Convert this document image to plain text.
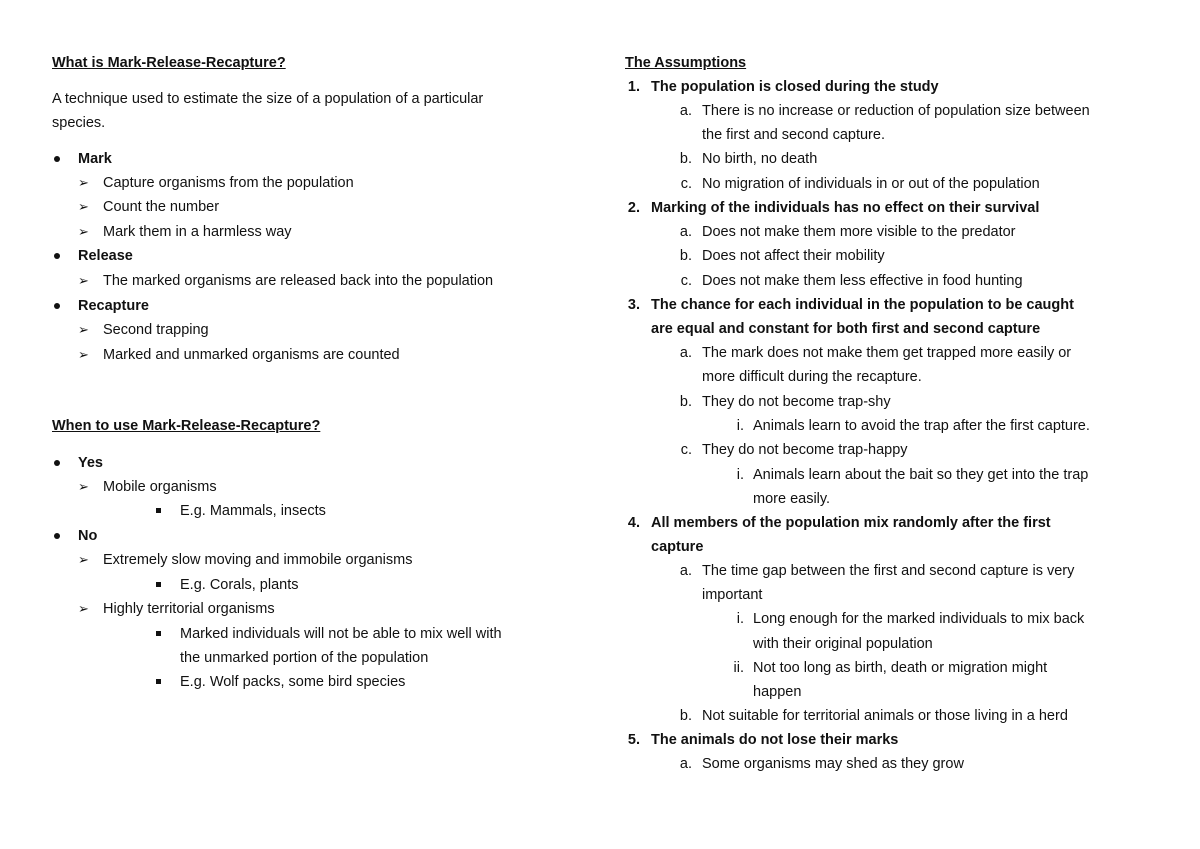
What is Mark-Release-Recapture?
A technique used to estimate the size of a population of a particular
species.
Mark
➢ Capture organisms from the population
➢ Count the number
➢ Mark them in a harmless way
Release
➢ The marked organisms are released back into the population
Recapture
➢ Second trapping
➢ Marked and unmarked organisms are counted
When to use Mark-Release-Recapture?
Yes
➢ Mobile organisms
E.g. Mammals, insects
No
➢ Extremely slow moving and immobile organisms
E.g. Corals, plants
➢ Highly territorial organisms
Marked individuals will not be able to mix well with
the unmarked portion of the population
E.g. Wolf packs, some bird species
The Assumptions
1. The population is closed during the study
a. There is no increase or reduction of population size between
the first and second capture.
b. No birth, no death
c. No migration of individuals in or out of the population
2. Marking of the individuals has no effect on their survival
a. Does not make them more visible to the predator
b. Does not affect their mobility
c. Does not make them less effective in food hunting
3. The chance for each individual in the population to be caught
are equal and constant for both first and second capture
a. The mark does not make them get trapped more easily or
more difficult during the recapture.
b. They do not become trap-shy
i. Animals learn to avoid the trap after the first capture.
c. They do not become trap-happy
i. Animals learn about the bait so they get into the trap
more easily.
4. All members of the population mix randomly after the first
capture
a. The time gap between the first and second capture is very
important
i. Long enough for the marked individuals to mix back
with their original population
ii. Not too long as birth, death or migration might
happen
b. Not suitable for territorial animals or those living in a herd
5. The animals do not lose their marks
a. Some organisms may shed as they grow
